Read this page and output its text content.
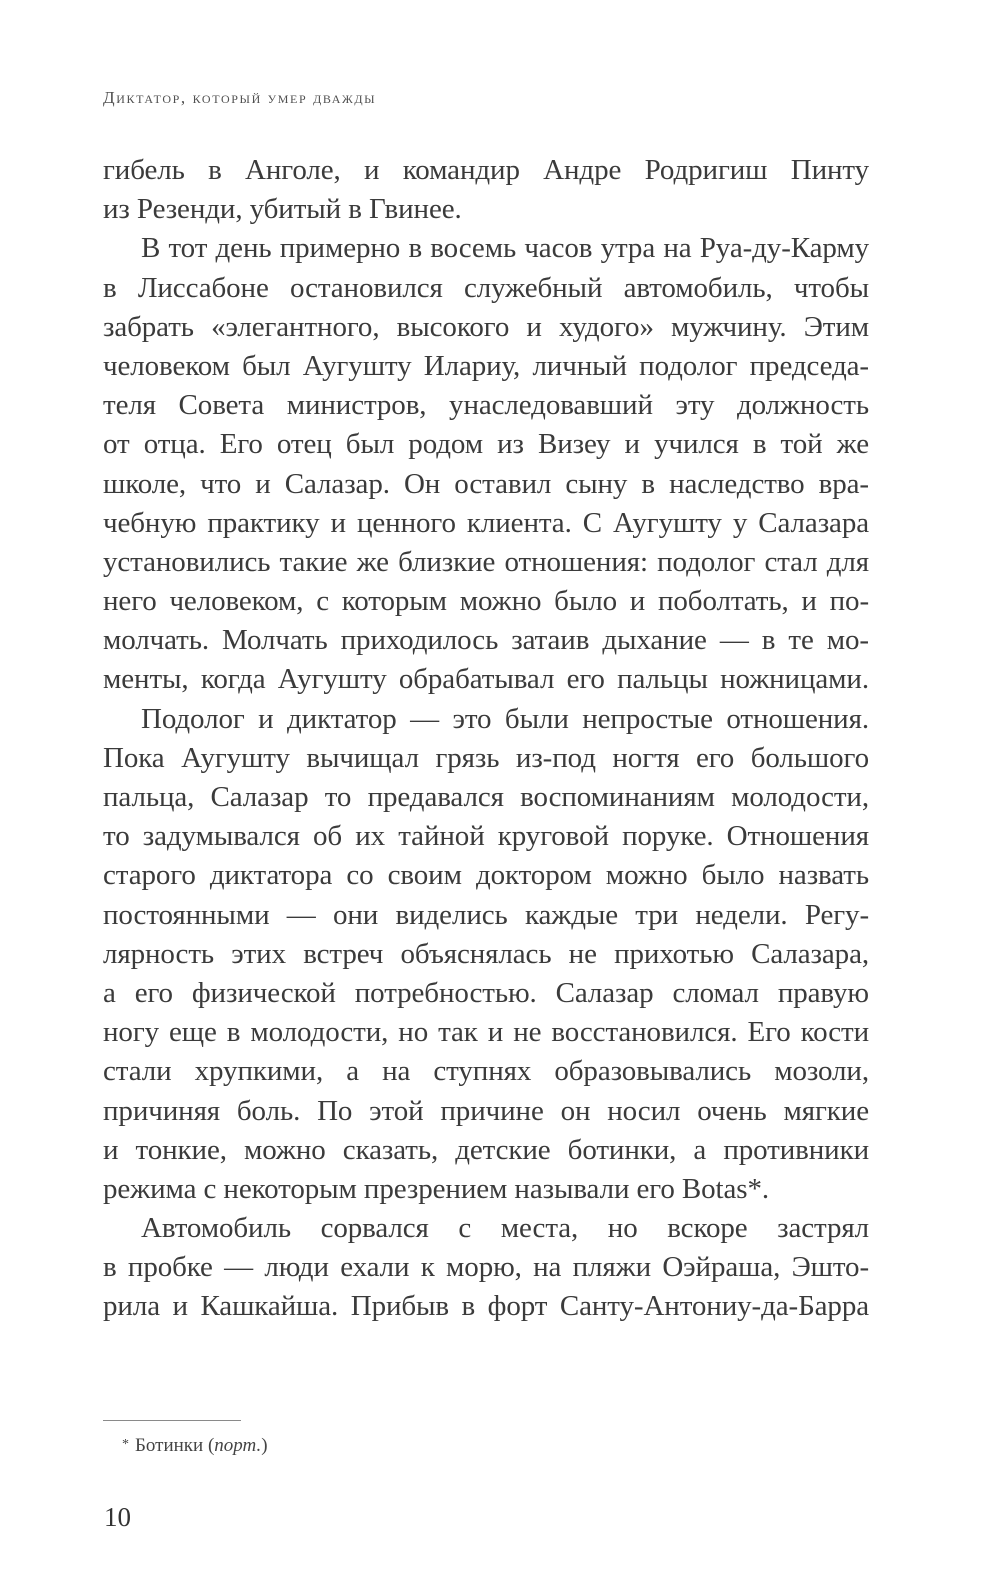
Диктатор, который умер дважды
гибель в Анголе, и командир Андре Родригиш Пинту
из Резенди, убитый в Гвинее.
В тот день примерно в восемь часов утра на Руа-ду-Карму
в Лиссабоне остановился служебный автомобиль, чтобы
забрать «элегантного, высокого и худого» мужчину. Этим
человеком был Аугушту Илариу, личный подолог председа-
теля Совета министров, унаследовавший эту должность
от отца. Его отец был родом из Визеу и учился в той же
школе, что и Салазар. Он оставил сыну в наследство вра-
чебную практику и ценного клиента. С Аугушту у Салазара
установились такие же близкие отношения: подолог стал для
него человеком, с которым можно было и поболтать, и по-
молчать. Молчать приходилось затаив дыхание — в те мо-
менты, когда Аугушту обрабатывал его пальцы ножницами.
Подолог и диктатор — это были непростые отношения.
Пока Аугушту вычищал грязь из-под ногтя его большого
пальца, Салазар то предавался воспоминаниям молодости,
то задумывался об их тайной круговой поруке. Отношения
старого диктатора со своим доктором можно было назвать
постоянными — они виделись каждые три недели. Регу-
лярность этих встреч объяснялась не прихотью Салазара,
а его физической потребностью. Салазар сломал правую
ногу еще в молодости, но так и не восстановился. Его кости
стали хрупкими, а на ступнях образовывались мозоли,
причиняя боль. По этой причине он носил очень мягкие
и тонкие, можно сказать, детские ботинки, а противники
режима с некоторым презрением называли его Botas*.
Автомобиль сорвался с места, но вскоре застрял
в пробке — люди ехали к морю, на пляжи Оэйраша, Эшто-
рила и Кашкайша. Прибыв в форт Санту-Антониу-да-Барра
* Ботинки (порт.)
10
